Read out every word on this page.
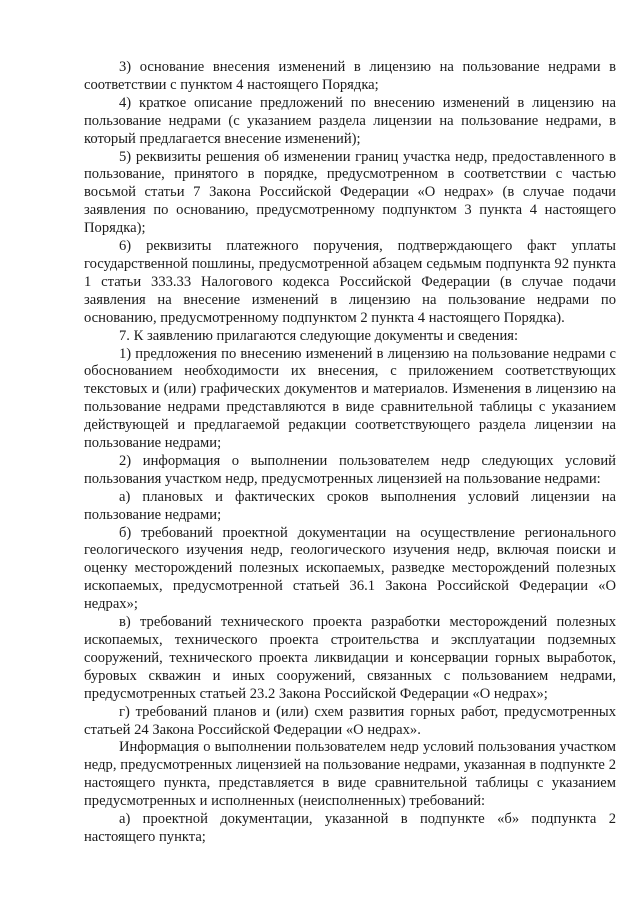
3) основание внесения изменений в лицензию на пользование недрами в соответствии с пунктом 4 настоящего Порядка;

4) краткое описание предложений по внесению изменений в лицензию на пользование недрами (с указанием раздела лицензии на пользование недрами, в который предлагается внесение изменений);

5) реквизиты решения об изменении границ участка недр, предоставленного в пользование, принятого в порядке, предусмотренном в соответствии с частью восьмой статьи 7 Закона Российской Федерации «О недрах» (в случае подачи заявления по основанию, предусмотренному подпунктом 3 пункта 4 настоящего Порядка);

6) реквизиты платежного поручения, подтверждающего факт уплаты государственной пошлины, предусмотренной абзацем седьмым подпункта 92 пункта 1 статьи 333.33 Налогового кодекса Российской Федерации (в случае подачи заявления на внесение изменений в лицензию на пользование недрами по основанию, предусмотренному подпунктом 2 пункта 4 настоящего Порядка).

7. К заявлению прилагаются следующие документы и сведения:

1) предложения по внесению изменений в лицензию на пользование недрами с обоснованием необходимости их внесения, с приложением соответствующих текстовых и (или) графических документов и материалов. Изменения в лицензию на пользование недрами представляются в виде сравнительной таблицы с указанием действующей и предлагаемой редакции соответствующего раздела лицензии на пользование недрами;

2) информация о выполнении пользователем недр следующих условий пользования участком недр, предусмотренных лицензией на пользование недрами:

а) плановых и фактических сроков выполнения условий лицензии на пользование недрами;

б) требований проектной документации на осуществление регионального геологического изучения недр, геологического изучения недр, включая поиски и оценку месторождений полезных ископаемых, разведке месторождений полезных ископаемых, предусмотренной статьей 36.1 Закона Российской Федерации «О недрах»;

в) требований технического проекта разработки месторождений полезных ископаемых, технического проекта строительства и эксплуатации подземных сооружений, технического проекта ликвидации и консервации горных выработок, буровых скважин и иных сооружений, связанных с пользованием недрами, предусмотренных статьей 23.2 Закона Российской Федерации «О недрах»;

г) требований планов и (или) схем развития горных работ, предусмотренных статьей 24 Закона Российской Федерации «О недрах».

Информация о выполнении пользователем недр условий пользования участком недр, предусмотренных лицензией на пользование недрами, указанная в подпункте 2 настоящего пункта, представляется в виде сравнительной таблицы с указанием предусмотренных и исполненных (неисполненных) требований:

а) проектной документации, указанной в подпункте «б» подпункта 2 настоящего пункта;
